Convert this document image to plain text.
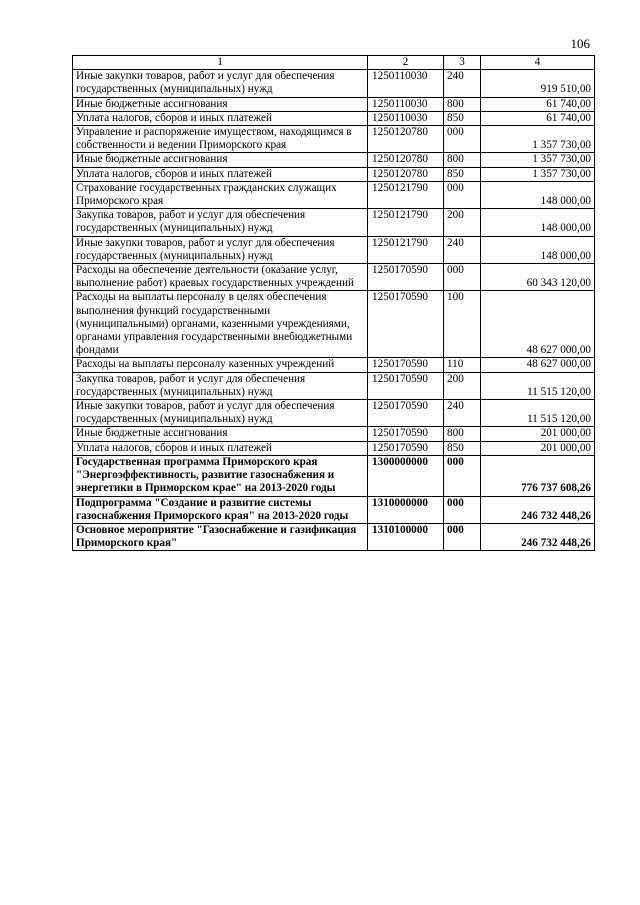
106
1	2	3	4
Иные закупки товаров, работ и услуг для обеспечения государственных (муниципальных) нужд	1250110030	240	919 510,00
Иные бюджетные ассигнования	1250110030	800	61 740,00
Уплата налогов, сборов и иных платежей	1250110030	850	61 740,00
Управление и распоряжение имуществом, находящимся в собственности и ведении Приморского края	1250120780	000	1 357 730,00
Иные бюджетные ассигнования	1250120780	800	1 357 730,00
Уплата налогов, сборов и иных платежей	1250120780	850	1 357 730,00
Страхование государственных гражданских служащих Приморского края	1250121790	000	148 000,00
Закупка товаров, работ и услуг для обеспечения государственных (муниципальных) нужд	1250121790	200	148 000,00
Иные закупки товаров, работ и услуг для обеспечения государственных (муниципальных) нужд	1250121790	240	148 000,00
Расходы на обеспечение деятельности (оказание услуг, выполнение работ) краевых государственных учреждений	1250170590	000	60 343 120,00
Расходы на выплаты персоналу в целях обеспечения выполнения функций государственными (муниципальными) органами, казенными учреждениями, органами управления государственными внебюджетными фондами	1250170590	100	48 627 000,00
Расходы на выплаты персоналу казенных учреждений	1250170590	110	48 627 000,00
Закупка товаров, работ и услуг для обеспечения государственных (муниципальных) нужд	1250170590	200	11 515 120,00
Иные закупки товаров, работ и услуг для обеспечения государственных (муниципальных) нужд	1250170590	240	11 515 120,00
Иные бюджетные ассигнования	1250170590	800	201 000,00
Уплата налогов, сборов и иных платежей	1250170590	850	201 000,00
Государственная программа Приморского края "Энергоэффективность, развитие газоснабжения и энергетики в Приморском крае" на 2013-2020 годы	1300000000	000	776 737 608,26
Подпрограмма "Создание и развитие системы газоснабжения Приморского края" на 2013-2020 годы	1310000000	000	246 732 448,26
Основное мероприятие "Газоснабжение и газификация Приморского края"	1310100000	000	246 732 448,26
